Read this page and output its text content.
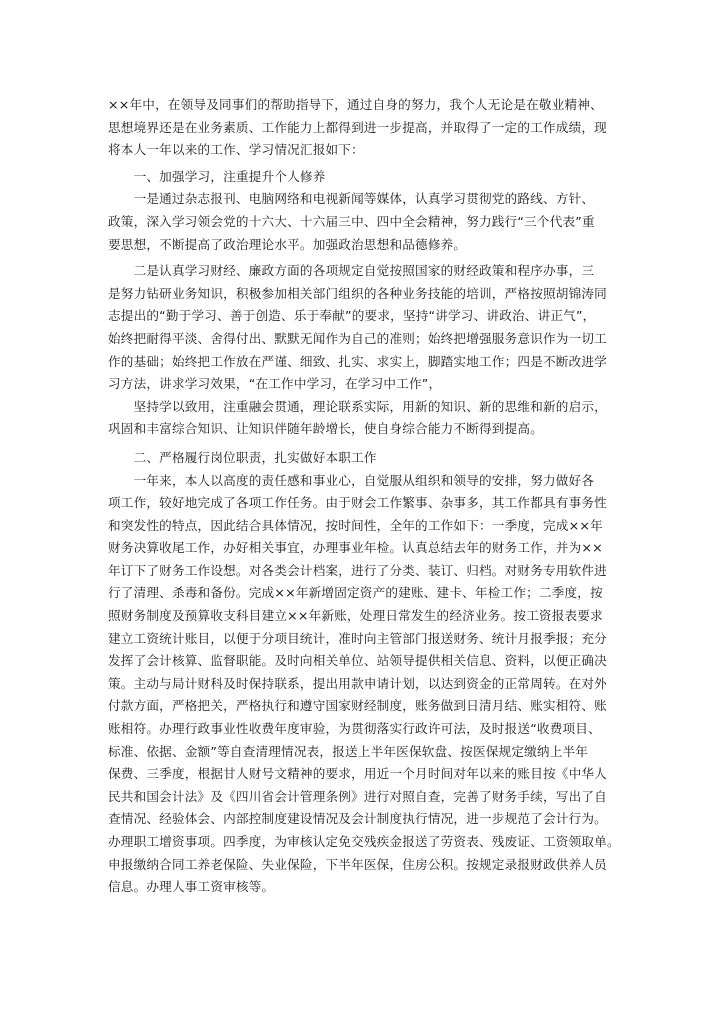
××年中，在领导及同事们的帮助指导下，通过自身的努力，我个人无论是在敬业精神、
思想境界还是在业务素质、工作能力上都得到进一步提高，并取得了一定的工作成绩，现
将本人一年以来的工作、学习情况汇报如下：
　　一、加强学习，注重提升个人修养
　　一是通过杂志报刊、电脑网络和电视新闻等媒体，认真学习贯彻党的路线、方针、
政策，深入学习领会党的十六大、十六届三中、四中全会精神，努力践行“三个代表”重
要思想，不断提高了政治理论水平。加强政治思想和品德修养。
　　二是认真学习财经、廉政方面的各项规定自觉按照国家的财经政策和程序办事，三
是努力钻研业务知识，积极参加相关部门组织的各种业务技能的培训，严格按照胡锦涛同
志提出的“勤于学习、善于创造、乐于奉献”的要求，坚持“讲学习、讲政治、讲正气”，
始终把耐得平淡、舍得付出、默默无闻作为自己的准则；始终把增强服务意识作为一切工
作的基础；始终把工作放在严谨、细致、扎实、求实上，脚踏实地工作；四是不断改进学
习方法，讲求学习效果，“在工作中学习，在学习中工作”，
　　坚持学以致用，注重融会贯通，理论联系实际，用新的知识、新的思维和新的启示，
巩固和丰富综合知识、让知识伴随年龄增长，使自身综合能力不断得到提高。
　　二、严格履行岗位职责，扎实做好本职工作
　　一年来，本人以高度的责任感和事业心，自觉服从组织和领导的安排，努力做好各
项工作，较好地完成了各项工作任务。由于财会工作繁事、杂事多，其工作都具有事务性
和突发性的特点，因此结合具体情况，按时间性，全年的工作如下：一季度，完成××年
财务决算收尾工作，办好相关事宜，办理事业年检。认真总结去年的财务工作，并为××
年订下了财务工作设想。对各类会计档案，进行了分类、装订、归档。对财务专用软件进
行了清理、杀毒和备份。完成××年新增固定资产的建账、建卡、年检工作；二季度，按
照财务制度及预算收支科目建立××年新账，处理日常发生的经济业务。按工资报表要求
建立工资统计账目，以便于分项目统计，准时向主管部门报送财务、统计月报季报；充分
发挥了会计核算、监督职能。及时向相关单位、站领导提供相关信息、资料，以便正确决
策。主动与局计财科及时保持联系，提出用款申请计划，以达到资金的正常周转。在对外
付款方面，严格把关，严格执行和遵守国家财经制度，账务做到日清月结、账实相符、账
账相符。办理行政事业性收费年度审验，为贯彻落实行政许可法，及时报送“收费项目、
标准、依据、金额”等自查清理情况表，报送上半年医保软盘、按医保规定缴纳上半年
保费、三季度，根据甘人财号文精神的要求，用近一个月时间对年以来的账目按《中华人
民共和国会计法》及《四川省会计管理条例》进行对照自查，完善了财务手续，写出了自
查情况、经验体会、内部控制度建设情况及会计制度执行情况，进一步规范了会计行为。
办理职工增资事项。四季度，为审核认定免交残疾金报送了劳资表、残废证、工资领取单。
申报缴纳合同工养老保险、失业保险，下半年医保，住房公积。按规定录报财政供养人员
信息。办理人事工资审核等。
